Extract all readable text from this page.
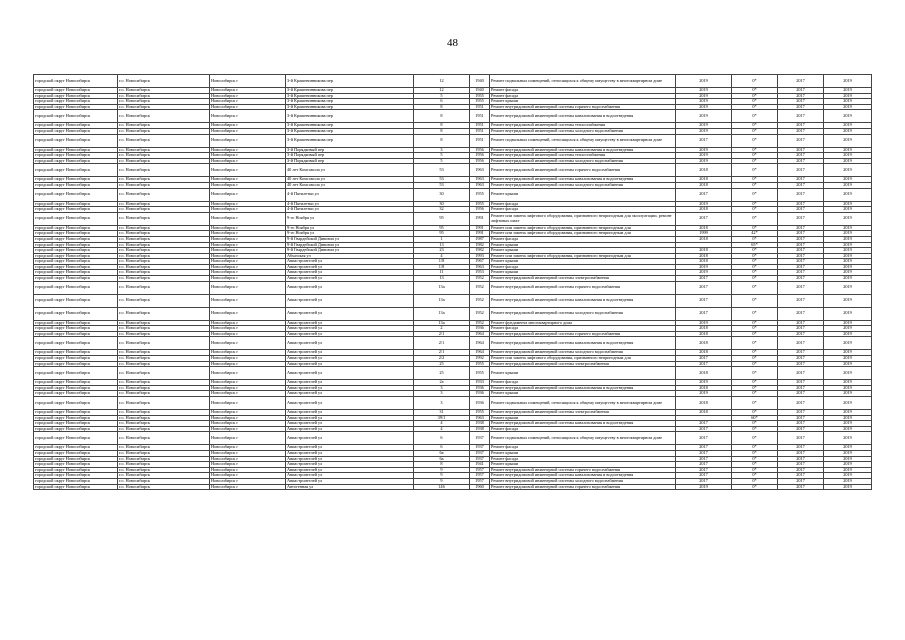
48
городской округ Новосибирск	г.о. Новосибирск	Новосибирск г	3-й Крашенинникова пер	12	1940	Ремонт подвальных помещений, относящихся к общему имуществу в многоквартирном доме	2019	0*	2017	2019
городской округ Новосибирск	г.о. Новосибирск	Новосибирск г	3-й Крашенинникова пер	12	1940	Ремонт фасада	2019	0*	2017	2019
городской округ Новосибирск	г.о. Новосибирск	Новосибирск г	3-й Крашенинникова пер	5	1955	Ремонт фасада	2019	0*	2017	2019
городской округ Новосибирск	г.о. Новосибирск	Новосибирск г	3-й Крашенинникова пер	6	1955	Ремонт крыши	2019	0*	2017	2019
городской округ Новосибирск	г.о. Новосибирск	Новосибирск г	3-й Крашенинникова пер	8	1951	Ремонт внутридомовой инженерной системы горячего водоснабжения	2019	0*	2017	2019
городской округ Новосибирск	г.о. Новосибирск	Новосибирск г	3-й Крашенинникова пер	8	1951	Ремонт внутридомовой инженерной системы канализования и водоотведения	2019	0*	2017	2019
городской округ Новосибирск	г.о. Новосибирск	Новосибирск г	3-й Крашенинникова пер	8	1951	Ремонт внутридомовой инженерной системы теплоснабжения	2019	0*	2017	2019
городской округ Новосибирск	г.о. Новосибирск	Новосибирск г	3-й Крашенинникова пер	8	1951	Ремонт внутридомовой инженерной системы холодного водоснабжения	2019	0*	2017	2019
городской округ Новосибирск	г.о. Новосибирск	Новосибирск г	3-й Крашенинникова пер	8	1951	Ремонт подвальных помещений, относящихся к общему имуществу в многоквартирном доме	2017	0*	2017	2019
городской округ Новосибирск	г.о. Новосибирск	Новосибирск г	3-й Порядковый пер	3	1956	Ремонт внутридомовой инженерной системы канализования и водоотведения	2019	0*	2017	2019
городской округ Новосибирск	г.о. Новосибирск	Новосибирск г	3-й Порядковый пер	5	1956	Ремонт внутридомовой инженерной системы теплоснабжения	2019	0*	2017	2019
городской округ Новосибирск	г.о. Новосибирск	Новосибирск г	3-й Порядковый пер	5	1956	Ремонт внутридомовой инженерной системы холодного водоснабжения	2019	0*	2017	2019
городской округ Новосибирск	г.о. Новосибирск	Новосибирск г	40 лет Комсомола ул	53	1963	Ремонт внутридомовой инженерной системы горячего водоснабжения	2018	0*	2017	2019
городской округ Новосибирск	г.о. Новосибирск	Новосибирск г	40 лет Комсомола ул	53	1963	Ремонт внутридомовой инженерной системы канализования и водоотведения	2018	0*	2017	2019
городской округ Новосибирск	г.о. Новосибирск	Новосибирск г	40 лет Комсомола ул	53	1963	Ремонт внутридомовой инженерной системы холодного водоснабжения	2018	0*	2017	2019
городской округ Новосибирск	г.о. Новосибирск	Новосибирск г	4-й Пятилетки ул	30	1955	Ремонт крыши	2017	0*	2017	2019
городской округ Новосибирск	г.о. Новосибирск	Новосибирск г	4-й Пятилетки ул	30	1955	Ремонт фасада	2019	0*	2017	2019
городской округ Новосибирск	г.о. Новосибирск	Новосибирск г	4-й Пятилетки ул	32	1956	Ремонт фасада	2018	0*	2017	2019
городской округ Новосибирск	г.о. Новосибирск	Новосибирск г	9-го Ноября ул	95	1991	Ремонт или замена лифтового оборудования, признанного непригодным для эксплуатации, ремонт лифтовых шахт	2017	0*	2017	2019
городской округ Новосибирск	г.о. Новосибирск	Новосибирск г	9-го Ноября ул	95	1991	Ремонт или замена лифтового оборудования, признанного непригодным для	2018	0*	2017	2019
городской округ Новосибирск	г.о. Новосибирск	Новосибирск г	9-го Ноября ул	95	1991	Ремонт или замена лифтового оборудования, признанного непригодным для	1999	42*	2017	2019
городской округ Новосибирск	г.о. Новосибирск	Новосибирск г	9-й Гвардейской Дивизии ул	1	1987	Ремонт фасада	2018	0*	2017	2019
городской округ Новосибирск	г.о. Новосибирск	Новосибирск г	9-й Гвардейской Дивизии ул	13	1982	Ремонт крыши		65*	2017	2019
городской округ Новосибирск	г.о. Новосибирск	Новосибирск г	9-й Гвардейской Дивизии ул	23	1982	Ремонт крыши	2018	0*	2017	2019
городской округ Новосибирск	г.о. Новосибирск	Новосибирск г	Абхазская ул	4	1993	Ремонт или замена лифтового оборудования, признанного непригодным для	2018	0*	2017	2019
городской округ Новосибирск	г.о. Новосибирск	Новосибирск г	Авиастроителей ул	1/8	1967	Ремонт крыши	2018	0*	2017	2019
городской округ Новосибирск	г.о. Новосибирск	Новосибирск г	Авиастроителей ул	1/8	1963	Ремонт фасада	2019	0*	2017	2019
городской округ Новосибирск	г.о. Новосибирск	Новосибирск г	Авиастроителей ул	11	1953	Ремонт крыши	2019	0*	2017	2019
городской округ Новосибирск	г.о. Новосибирск	Новосибирск г	Авиастроителей ул	13	1952	Ремонт внутридомовой инженерной системы электроснабжения	2017	0*	2017	2019
городской округ Новосибирск	г.о. Новосибирск	Новосибирск г	Авиастроителей ул	13а	1952	Ремонт внутридомовой инженерной системы горячего водоснабжения	2017	0*	2017	2019
городской округ Новосибирск	г.о. Новосибирск	Новосибирск г	Авиастроителей ул	13а	1952	Ремонт внутридомовой инженерной системы канализования и водоотведения	2017	0*	2017	2019
городской округ Новосибирск	г.о. Новосибирск	Новосибирск г	Авиастроителей ул	13а	1952	Ремонт внутридомовой инженерной системы холодного водоснабжения	2017	0*	2017	2019
городской округ Новосибирск	г.о. Новосибирск	Новосибирск г	Авиастроителей ул	13а	1952	Ремонт фундамента многоквартирного дома	2019	0*	2017	2019
городской округ Новосибирск	г.о. Новосибирск	Новосибирск г	Авиастроителей ул	2	1936	Ремонт фасада	2018	0*	2017	2019
городской округ Новосибирск	г.о. Новосибирск	Новосибирск г	Авиастроителей ул	2/1	1964	Ремонт внутридомовой инженерной системы горячего водоснабжения	2018	0*	2017	2019
городской округ Новосибирск	г.о. Новосибирск	Новосибирск г	Авиастроителей ул	2/1	1964	Ремонт внутридомовой инженерной системы канализования и водоотведения	2018	0*	2017	2019
городской округ Новосибирск	г.о. Новосибирск	Новосибирск г	Авиастроителей ул	2/1	1964	Ремонт внутридомовой инженерной системы холодного водоснабжения	2018	0*	2017	2019
городской округ Новосибирск	г.о. Новосибирск	Новосибирск г	Авиастроителей ул	2/2	1992	Ремонт или замена лифтового оборудования, признанного непригодным для	2017	0*	2017	2019
городской округ Новосибирск	г.о. Новосибирск	Новосибирск г	Авиастроителей ул	25	1955	Ремонт внутридомовой инженерной системы электроснабжения	2017	0*	2017	2019
городской округ Новосибирск	г.о. Новосибирск	Новосибирск г	Авиастроителей ул	25	1955	Ремонт крыши	2018	0*	2017	2019
городской округ Новосибирск	г.о. Новосибирск	Новосибирск г	Авиастроителей ул	2а	1933	Ремонт фасада	2019	0*	2017	2019
городской округ Новосибирск	г.о. Новосибирск	Новосибирск г	Авиастроителей ул	3	1936	Ремонт внутридомовой инженерной системы канализования и водоотведения	2018	0*	2017	2019
городской округ Новосибирск	г.о. Новосибирск	Новосибирск г	Авиастроителей ул	3	1936	Ремонт крыши	2019	0*	2017	2019
городской округ Новосибирск	г.о. Новосибирск	Новосибирск г	Авиастроителей ул	3	1936	Ремонт подвальных помещений, относящихся к общему имуществу в многоквартирном доме	2018	0*	2017	2019
городской округ Новосибирск	г.о. Новосибирск	Новосибирск г	Авиастроителей ул	31	1955	Ремонт внутридомовой инженерной системы электроснабжения	2018	0*	2017	2019
городской округ Новосибирск	г.о. Новосибирск	Новосибирск г	Авиастроителей ул	39/1	1963	Ремонт крыши		60*	2017	2019
городской округ Новосибирск	г.о. Новосибирск	Новосибирск г	Авиастроителей ул	4	1938	Ремонт внутридомовой инженерной системы канализования и водоотведения	2017	0*	2017	2019
городской округ Новосибирск	г.о. Новосибирск	Новосибирск г	Авиастроителей ул	4	1938	Ремонт фасада	2017	0*	2017	2019
городской округ Новосибирск	г.о. Новосибирск	Новосибирск г	Авиастроителей ул	6	1937	Ремонт подвальных помещений, относящихся к общему имуществу в многоквартирном доме	2017	0*	2017	2019
городской округ Новосибирск	г.о. Новосибирск	Новосибирск г	Авиастроителей ул	6	1937	Ремонт фасада	2017	0*	2017	2019
городской округ Новосибирск	г.о. Новосибирск	Новосибирск г	Авиастроителей ул	6а	1937	Ремонт крыши	2017	0*	2017	2019
городской округ Новосибирск	г.о. Новосибирск	Новосибирск г	Авиастроителей ул	6а	1937	Ремонт фасада	2017	0*	2017	2019
городской округ Новосибирск	г.о. Новосибирск	Новосибирск г	Авиастроителей ул	8	1941	Ремонт крыши	2017	0*	2017	2019
городской округ Новосибирск	г.о. Новосибирск	Новосибирск г	Авиастроителей ул	9	1957	Ремонт внутридомовой инженерной системы горячего водоснабжения	2017	0*	2017	2019
городской округ Новосибирск	г.о. Новосибирск	Новосибирск г	Авиастроителей ул	9	1957	Ремонт внутридомовой инженерной системы канализования и водоотведения	2017	0*	2017	2019
городской округ Новосибирск	г.о. Новосибирск	Новосибирск г	Авиастроителей ул	9	1957	Ремонт внутридомовой инженерной системы холодного водоснабжения	2017	0*	2017	2019
городской округ Новосибирск	г.о. Новосибирск	Новосибирск г	Автогенная ул	146	1960	Ремонт внутридомовой инженерной системы горячего водоснабжения	2019	0*	2017	2019
